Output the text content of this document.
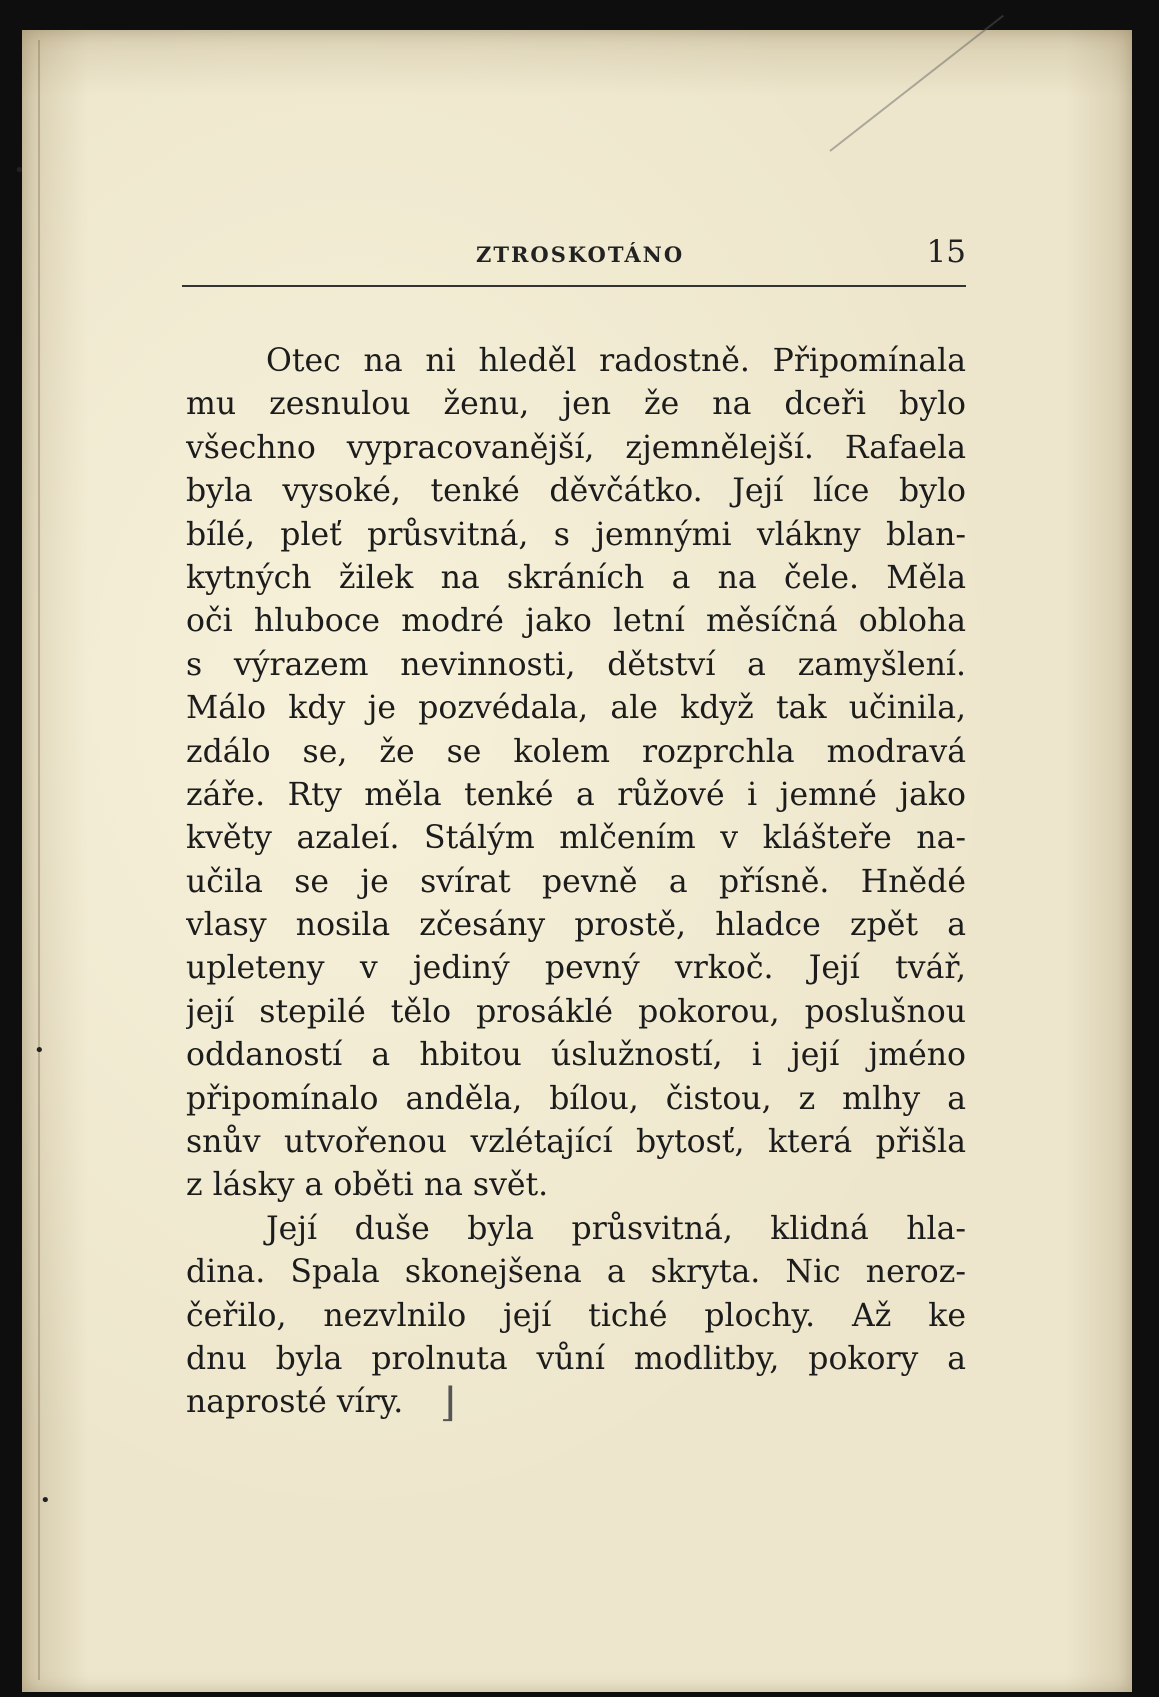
•
•
•
ZTROSKOTÁNO	15
Otec na ni hleděl radostně. Připomínala
mu zesnulou ženu, jen že na dceři bylo
všechno vypracovanější, zjemnělejší. Rafaela
byla vysoké, tenké děvčátko. Její líce bylo
bílé, pleť průsvitná, s jemnými vlákny blan-
kytných žilek na skráních a na čele. Měla
oči hluboce modré jako letní měsíčná obloha
s výrazem nevinnosti, dětství a zamyšlení.
Málo kdy je pozvédala, ale když tak učinila,
zdálo se, že se kolem rozprchla modravá
záře. Rty měla tenké a růžové i jemné jako
květy azaleí. Stálým mlčením v klášteře na-
učila se je svírat pevně a přísně. Hnědé
vlasy nosila zčesány prostě, hladce zpět a
upleteny v jediný pevný vrkoč. Její tvář,
její stepilé tělo prosáklé pokorou, poslušnou
oddaností a hbitou úslužností, i její jméno
připomínalo anděla, bílou, čistou, z mlhy a
snův utvořenou vzlétající bytosť, která přišla
z lásky a oběti na svět.
Její duše byla průsvitná, klidná hla-
dina. Spala skonejšena a skryta. Nic neroz-
čeřilo, nezvlnilo její tiché plochy. Až ke
dnu byla prolnuta vůní modlitby, pokory a
naprosté víry. ⌋
